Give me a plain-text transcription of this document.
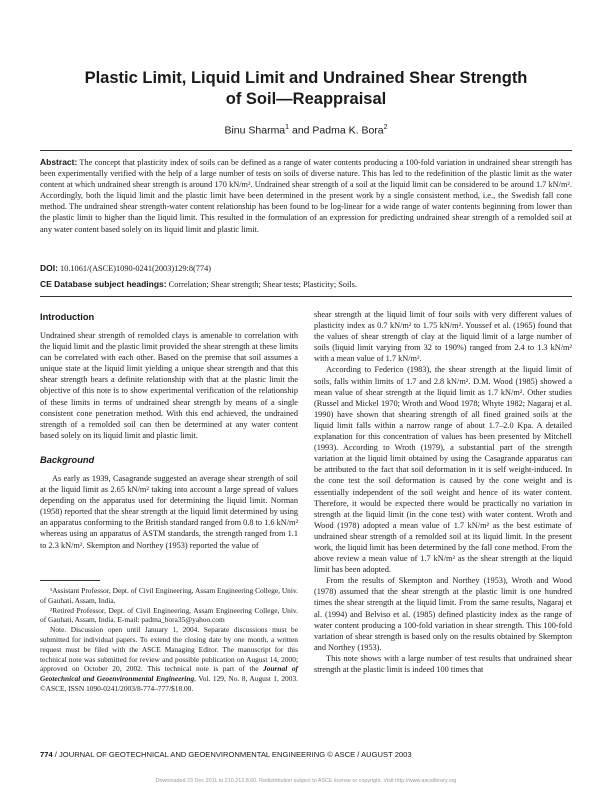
Plastic Limit, Liquid Limit and Undrained Shear Strength
of Soil—Reappraisal

Binu Sharma$^1$ and Padma K. Bora$^2$

Abstract: The concept that plasticity index of soils can be defined as a range of water contents producing a 100-fold variation in undrained shear strength has been experimentally verified with the help of a large number of tests on soils of diverse nature. This has led to the redefinition of the plastic limit as the water content at which undrained shear strength is around 170 kN/m². Undrained shear strength of a soil at the liquid limit can be considered to be around 1.7 kN/m². Accordingly, both the liquid limit and the plastic limit have been determined in the present work by a single consistent method, i.e., the Swedish fall cone method. The undrained shear strength-water content relationship has been found to be log-linear for a wide range of water contents beginning from lower than the plastic limit to higher than the liquid limit. This resulted in the formulation of an expression for predicting undrained shear strength of a remolded soil at any water content based solely on its liquid limit and plastic limit.

DOI: 10.1061/(ASCE)1090-0241(2003)129:8(774)

CE Database subject headings: Correlation; Shear strength; Shear tests; Plasticity; Soils.

Introduction

Undrained shear strength of remolded clays is amenable to correlation with the liquid limit and the plastic limit provided the shear strength at these limits can be correlated with each other. Based on the premise that soil assumes a unique state at the liquid limit yielding a unique shear strength and that this shear strength bears a definite relationship with that at the plastic limit the objective of this note is to show experimental verification of the relationship of these limits in terms of undrained shear strength by means of a single consistent cone penetration method. With this end achieved, the undrained strength of a remolded soil can then be determined at any water content based solely on its liquid limit and plastic limit.

Background

As early as 1939, Casagrande suggested an average shear strength of soil at the liquid limit as 2.65 kN/m² taking into account a large spread of values depending on the apparatus used for determining the liquid limit. Norman (1958) reported that the shear strength at the liquid limit determined by using an apparatus conforming to the British standard ranged from 0.8 to 1.6 kN/m² whereas using an apparatus of ASTM standards, the strength ranged from 1.1 to 2.3 kN/m². Skempton and Northey (1953) reported the value of

¹Assistant Professor, Dept. of Civil Engineering, Assam Engineering College, Univ. of Gauhati, Assam, India.

²Retired Professor, Dept. of Civil Engineering, Assam Engineering College, Univ. of Gauhati, Assam, India. E-mail: padma_bora35@yahoo.com

Note. Discussion open until January 1, 2004. Separate discussions must be submitted for individual papers. To extend the closing date by one month, a written request must be filed with the ASCE Managing Editor. The manuscript for this technical note was submitted for review and possible publication on August 14, 2000; approved on October 20, 2002. This technical note is part of the Journal of Geotechnical and Geoenvironmental Engineering, Vol. 129, No. 8, August 1, 2003. ©ASCE, ISSN 1090-0241/2003/8-774–777/$18.00.

shear strength at the liquid limit of four soils with very different values of plasticity index as 0.7 kN/m² to 1.75 kN/m². Youssef et al. (1965) found that the values of shear strength of clay at the liquid limit of a large number of soils (liquid limit varying from 32 to 190%) ranged from 2.4 to 1.3 kN/m² with a mean value of 1.7 kN/m².

According to Federico (1983), the shear strength at the liquid limit of soils, falls within limits of 1.7 and 2.8 kN/m². D.M. Wood (1985) showed a mean value of shear strength at the liquid limit as 1.7 kN/m². Other studies (Russel and Mickel 1970; Wroth and Wood 1978; Whyte 1982; Nagaraj et al. 1990) have shown that shearing strength of all fined grained soils at the liquid limit falls within a narrow range of about 1.7–2.0 Kpa. A detailed explanation for this concentration of values has been presented by Mitchell (1993). According to Wroth (1979), a substantial part of the strength variation at the liquid limit obtained by using the Casagrande apparatus can be attributed to the fact that soil deformation in it is self weight-induced. In the cone test the soil deformation is caused by the cone weight and is essentially independent of the soil weight and hence of its water content. Therefore, it would be expected there would be practically no variation in strength at the liquid limit (in the cone test) with water content. Wroth and Wood (1978) adopted a mean value of 1.7 kN/m² as the best estimate of undrained shear strength of a remolded soil at its liquid limit. In the present work, the liquid limit has been determined by the fall cone method. From the above review a mean value of 1.7 kN/m² as the shear strength at the liquid limit has been adopted.

From the results of Skempton and Northey (1953), Wroth and Wood (1978) assumed that the shear strength at the plastic limit is one hundred times the shear strength at the liquid limit. From the same results, Nagaraj et al. (1994) and Belviso et al. (1985) defined plasticity index as the range of water content producing a 100-fold variation in shear strength. This 100-fold variation of shear strength is based only on the results obtained by Skempton and Northey (1953).

This note shows with a large number of test results that undrained shear strength at the plastic limit is indeed 100 times that

774 / JOURNAL OF GEOTECHNICAL AND GEOENVIRONMENTAL ENGINEERING © ASCE / AUGUST 2003

Downloaded 23 Dec 2011 to 210.212.8.60. Redistribution subject to ASCE license or copyright. Visit http://www.ascelibrary.org
